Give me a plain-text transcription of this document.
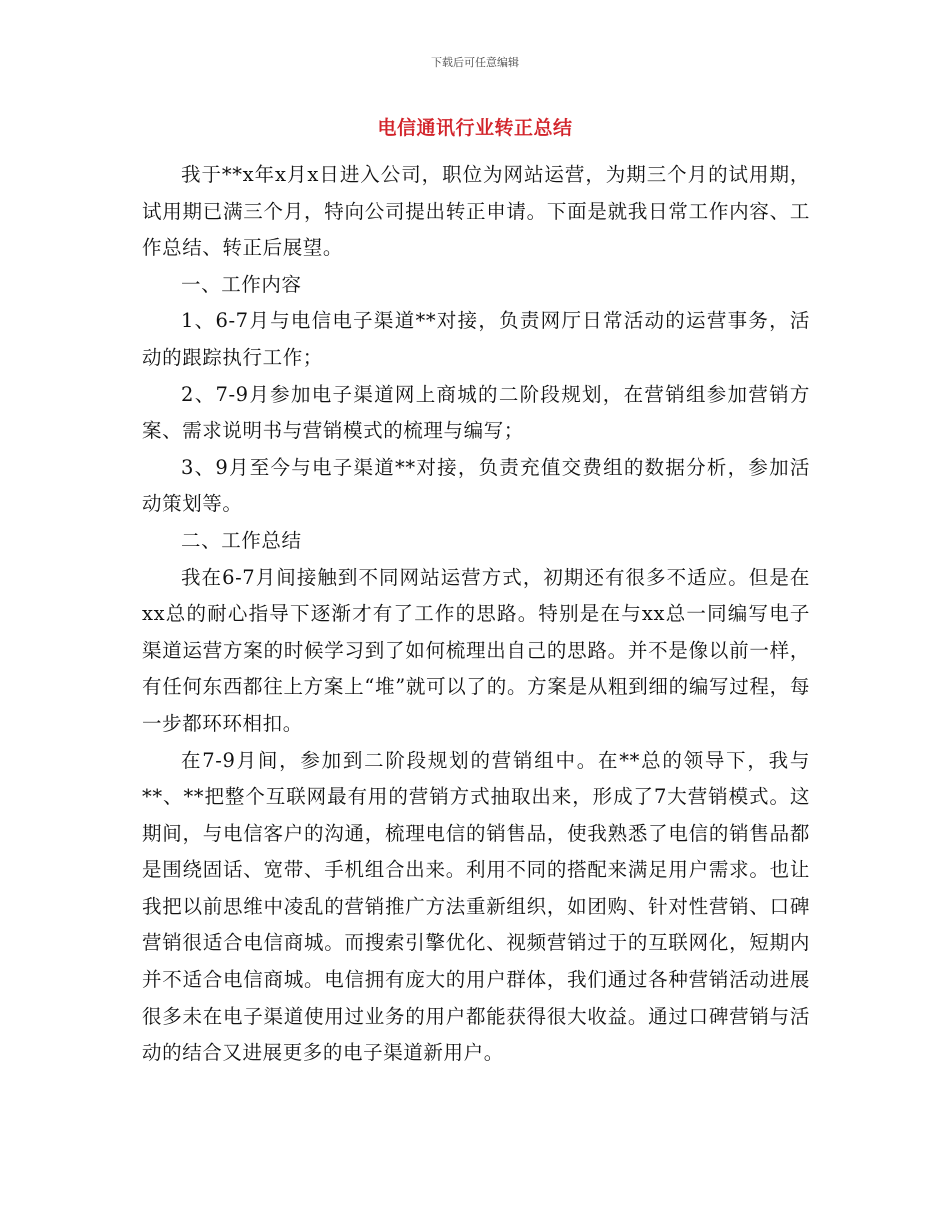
下载后可任意编辑
电信通讯行业转正总结

我于**x年x月x日进入公司，职位为网站运营，为期三个月的试用期，试用期已满三个月，特向公司提出转正申请。下面是就我日常工作内容、工作总结、转正后展望。

一、工作内容

1、6-7月与电信电子渠道**对接，负责网厅日常活动的运营事务，活动的跟踪执行工作；

2、7-9月参加电子渠道网上商城的二阶段规划，在营销组参加营销方案、需求说明书与营销模式的梳理与编写；

3、9月至今与电子渠道**对接，负责充值交费组的数据分析，参加活动策划等。

二、工作总结

我在6-7月间接触到不同网站运营方式，初期还有很多不适应。但是在xx总的耐心指导下逐渐才有了工作的思路。特别是在与xx总一同编写电子渠道运营方案的时候学习到了如何梳理出自己的思路。并不是像以前一样，有任何东西都往上方案上“堆”就可以了的。方案是从粗到细的编写过程，每一步都环环相扣。

在7-9月间，参加到二阶段规划的营销组中。在**总的领导下，我与**、**把整个互联网最有用的营销方式抽取出来，形成了7大营销模式。这期间，与电信客户的沟通，梳理电信的销售品，使我熟悉了电信的销售品都是围绕固话、宽带、手机组合出来。利用不同的搭配来满足用户需求。也让我把以前思维中凌乱的营销推广方法重新组织，如团购、针对性营销、口碑营销很适合电信商城。而搜索引擎优化、视频营销过于的互联网化，短期内并不适合电信商城。电信拥有庞大的用户群体，我们通过各种营销活动进展很多未在电子渠道使用过业务的用户都能获得很大收益。通过口碑营销与活动的结合又进展更多的电子渠道新用户。
